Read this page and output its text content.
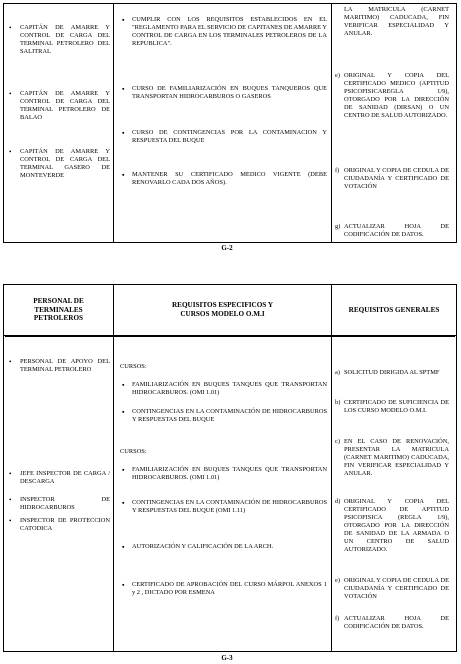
• CAPITÁN DE AMARRE Y CONTROL DE CARGA DEL TERMINAL PETROLERO DEL SALITRAL
• CAPITÁN DE AMARRE Y CONTROL DE CARGA DEL TERMINAL PETROLERO DE BALAO
• CAPITÁN DE AMARRE Y CONTROL DE CARGA DEL TERMINAL GASERO DE MONTEVERDE
▪ CUMPLIR CON LOS REQUISITOS ESTABLECIDOS EN EL "REGLAMENTO PARA EL SERVICIO DE CAPITANES DE AMARRE Y CONTROL DE CARGA EN LOS TERMINALES PETROLEROS DE LA REPUBLICA".
▪ CURSO DE FAMILIARIZACIÓN EN BUQUES TANQUEROS QUE TRANSPORTAN HIDROCARBUROS O GASEROS
▪ CURSO DE CONTINGENCIAS POR LA CONTAMINACION Y RESPUESTA DEL BUQUE
▪ MANTENER SU CERTIFICADO MEDICO VIGENTE (DEBE RENOVARLO CADA DOS AÑOS).
LA MATRICULA (CARNET MARITIMO) CADUCADA, FIN VERIFICAR ESPECIALIDAD Y ANULAR.
e) ORIGINAL Y COPIA DEL CERTIFICADO MEDICO (APTITUD PSICOFISICAREGLA 1/9), OTORGADO POR LA DIRECCIÓN DE SANIDAD (DIRSAN) O UN CENTRO DE SALUD AUTORIZADO.
f) ORIGINAL Y COPIA DE CEDULA DE CIUDADANÍA Y CERTIFICADO DE VOTACIÓN
g) ACTUALIZAR HOJA DE CODIFICACIÓN DE DATOS.
G-2
PERSONAL DE
TERMINALES
PETROLEROS
• PERSONAL DE APOYO DEL TERMINAL PETROLERO
• JEFE INSPECTOR DE CARGA / DESCARGA
• INSPECTOR DE HIDROCARBUROS
• INSPECTOR DE PROTECCION CATODICA
REQUISITOS ESPECIFICOS Y
CURSOS MODELO O.M.I
CURSOS:
▪ FAMILIARIZACIÓN EN BUQUES TANQUES QUE TRANSPORTAN HIDROCARBUROS. (OMI 1.01)
▪ CONTINGENCIAS EN LA CONTAMINACIÓN DE HIDROCARBUROS Y RESPUESTAS DEL BUQUE
CURSOS:
▪ FAMILIARIZACIÓN EN BUQUES TANQUES QUE TRANSPORTAN HIDROCARBUROS. (OMI 1.01)
▪ CONTINGENCIAS EN LA CONTAMINACIÓN DE HIDROCARBUROS Y RESPUESTAS DEL BUQUE (OMI 1.11)
▪ AUTORIZACIÓN Y CALIFICACIÓN DE LA ARCH.
▪ CERTIFICADO DE APROBACIÓN DEL CURSO MÁRPOL ANEXOS 1 y 2 , DICTADO POR ESMENA
REQUISITOS GENERALES
a) SOLICITUD DIRIGIDA AL SPTMF
b) CERTIFICADO DE SUFICIENCIA DE LOS CURSO MODELO O.M.I.
c) EN EL CASO DE RENOVACIÓN, PRESENTAR LA MATRICULA (CARNET MARITIMO) CADUCADA, FIN VERIFICAR ESPECIALIDAD Y ANULAR.
d) ORIGINAL Y COPIA DEL CERTIFICADO DE APTITUD PSICOFISICA (REGLA 1/9), OTORGADO POR LA DIRECCIÓN DE SANIDAD DE LA ARMADA O UN CENTRO DE SALUD AUTORIZADO.
e) ORIGINAL Y COPIA DE CEDULA DE CIUDADANÍA Y CERTIFICADO DE VOTACIÓN
f) ACTUALIZAR HOJA DE CODIFICACIÓN DE DATOS.
G-3
